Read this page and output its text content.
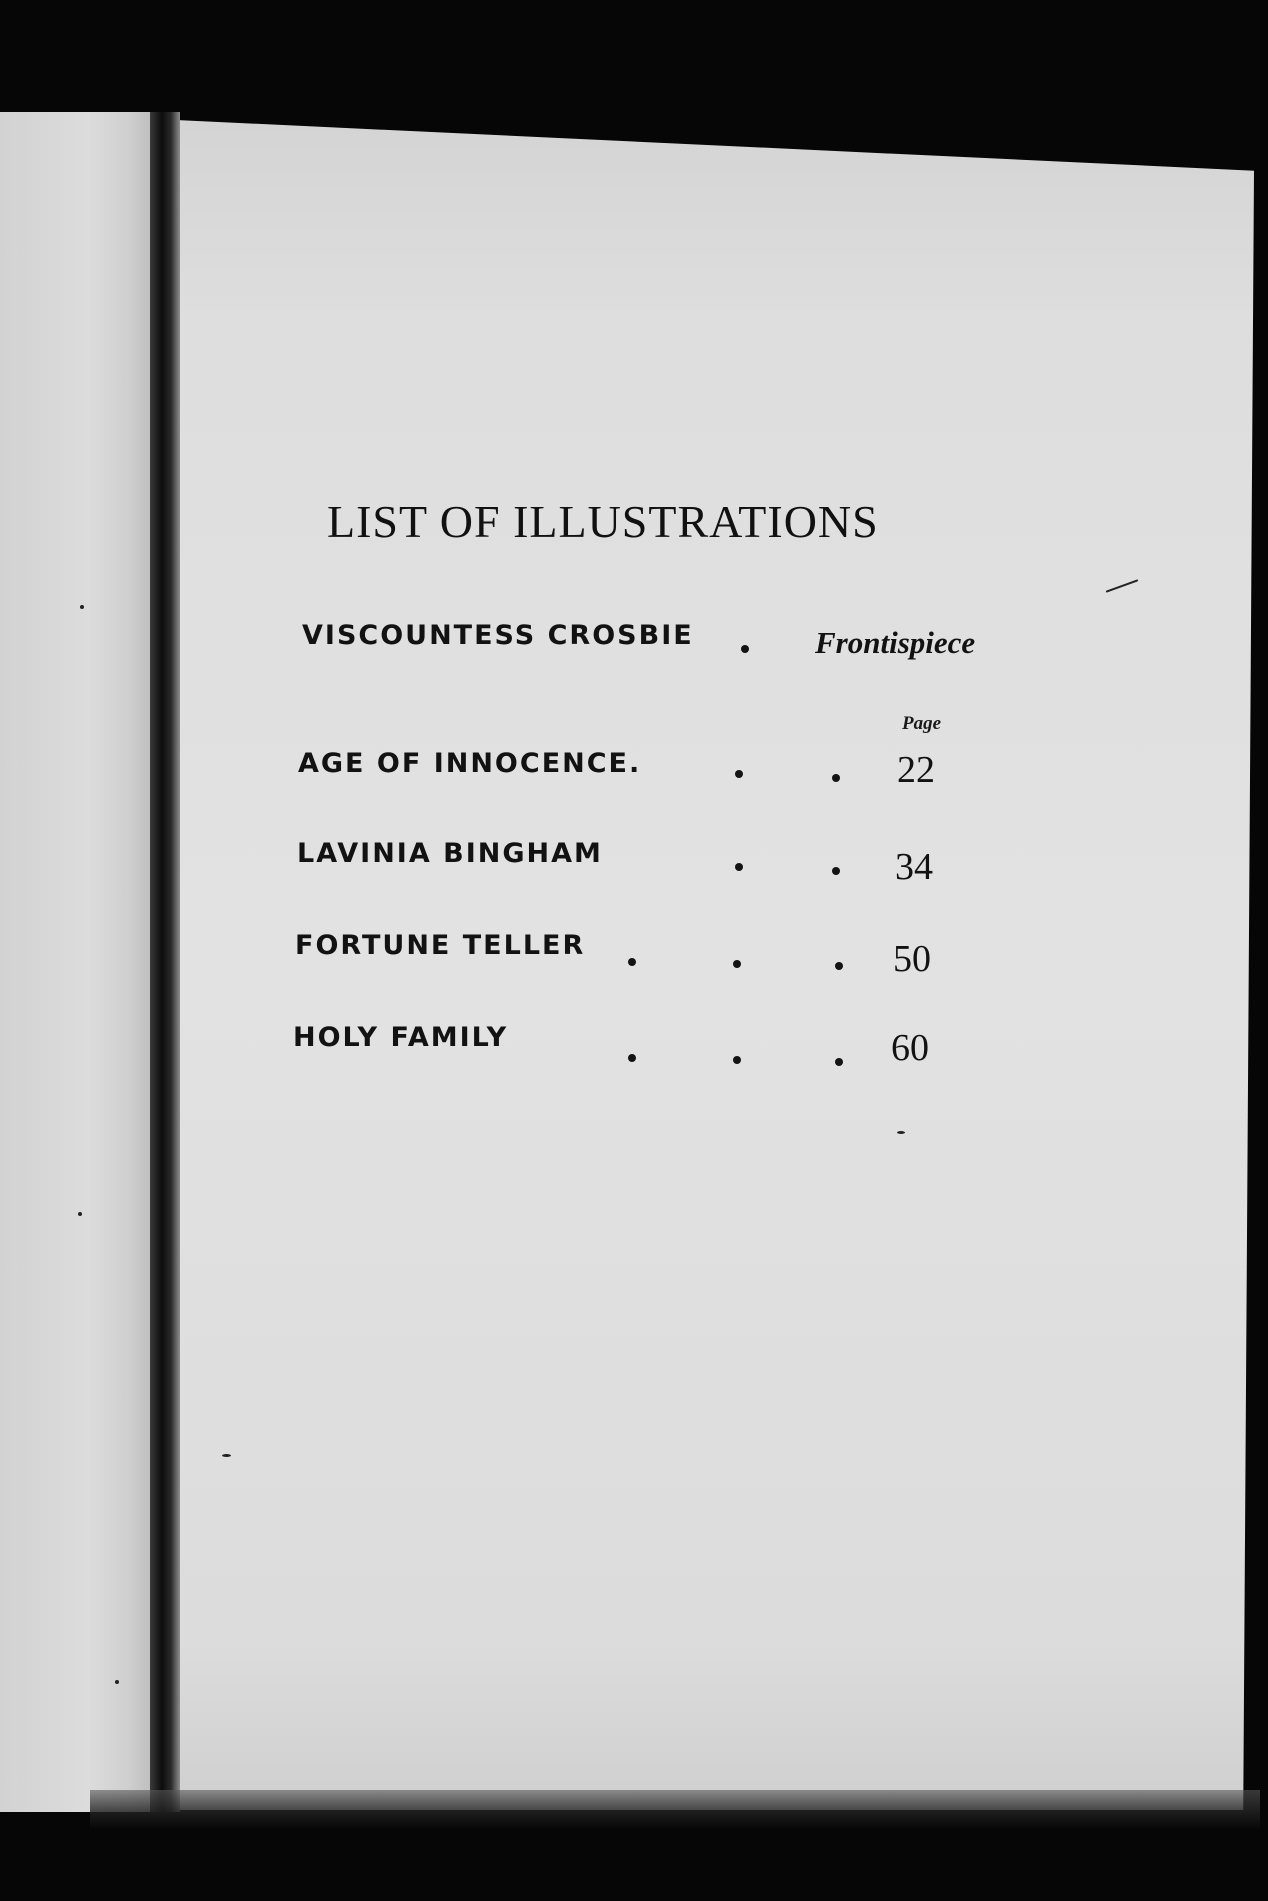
LIST OF ILLUSTRATIONS
VISCOUNTESS CROSBIE	Frontispiece
Page
AGE OF INNOCENCE.	22
LAVINIA BINGHAM	34
FORTUNE TELLER	50
HOLY FAMILY	60
